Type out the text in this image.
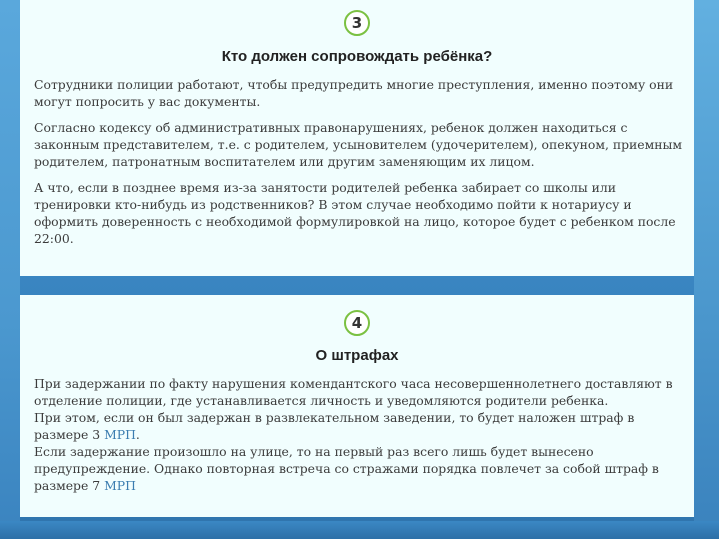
3
Кто должен сопровождать ребёнка?

Сотрудники полиции работают, чтобы предупредить многие преступления, именно поэтому они могут попросить у вас документы.

Согласно кодексу об административных правонарушениях, ребенок должен находиться с законным представителем, т.е. с родителем, усыновителем (удочерителем), опекуном, приемным родителем, патронатным воспитателем или другим заменяющим их лицом.

А что, если в позднее время из-за занятости родителей ребенка забирает со школы или тренировки кто-нибудь из родственников? В этом случае необходимо пойти к нотариусу и оформить доверенность с необходимой формулировкой на лицо, которое будет с ребенком после 22:00.

4
О штрафах

При задержании по факту нарушения комендантского часа несовершеннолетнего доставляют в отделение полиции, где устанавливается личность и уведомляются родители ребенка.

При этом, если он был задержан в развлекательном заведении, то будет наложен штраф в размере 3 МРП.

Если задержание произошло на улице, то на первый раз всего лишь будет вынесено предупреждение. Однако повторная встреча со стражами порядка повлечет за собой штраф в размере 7 МРП
